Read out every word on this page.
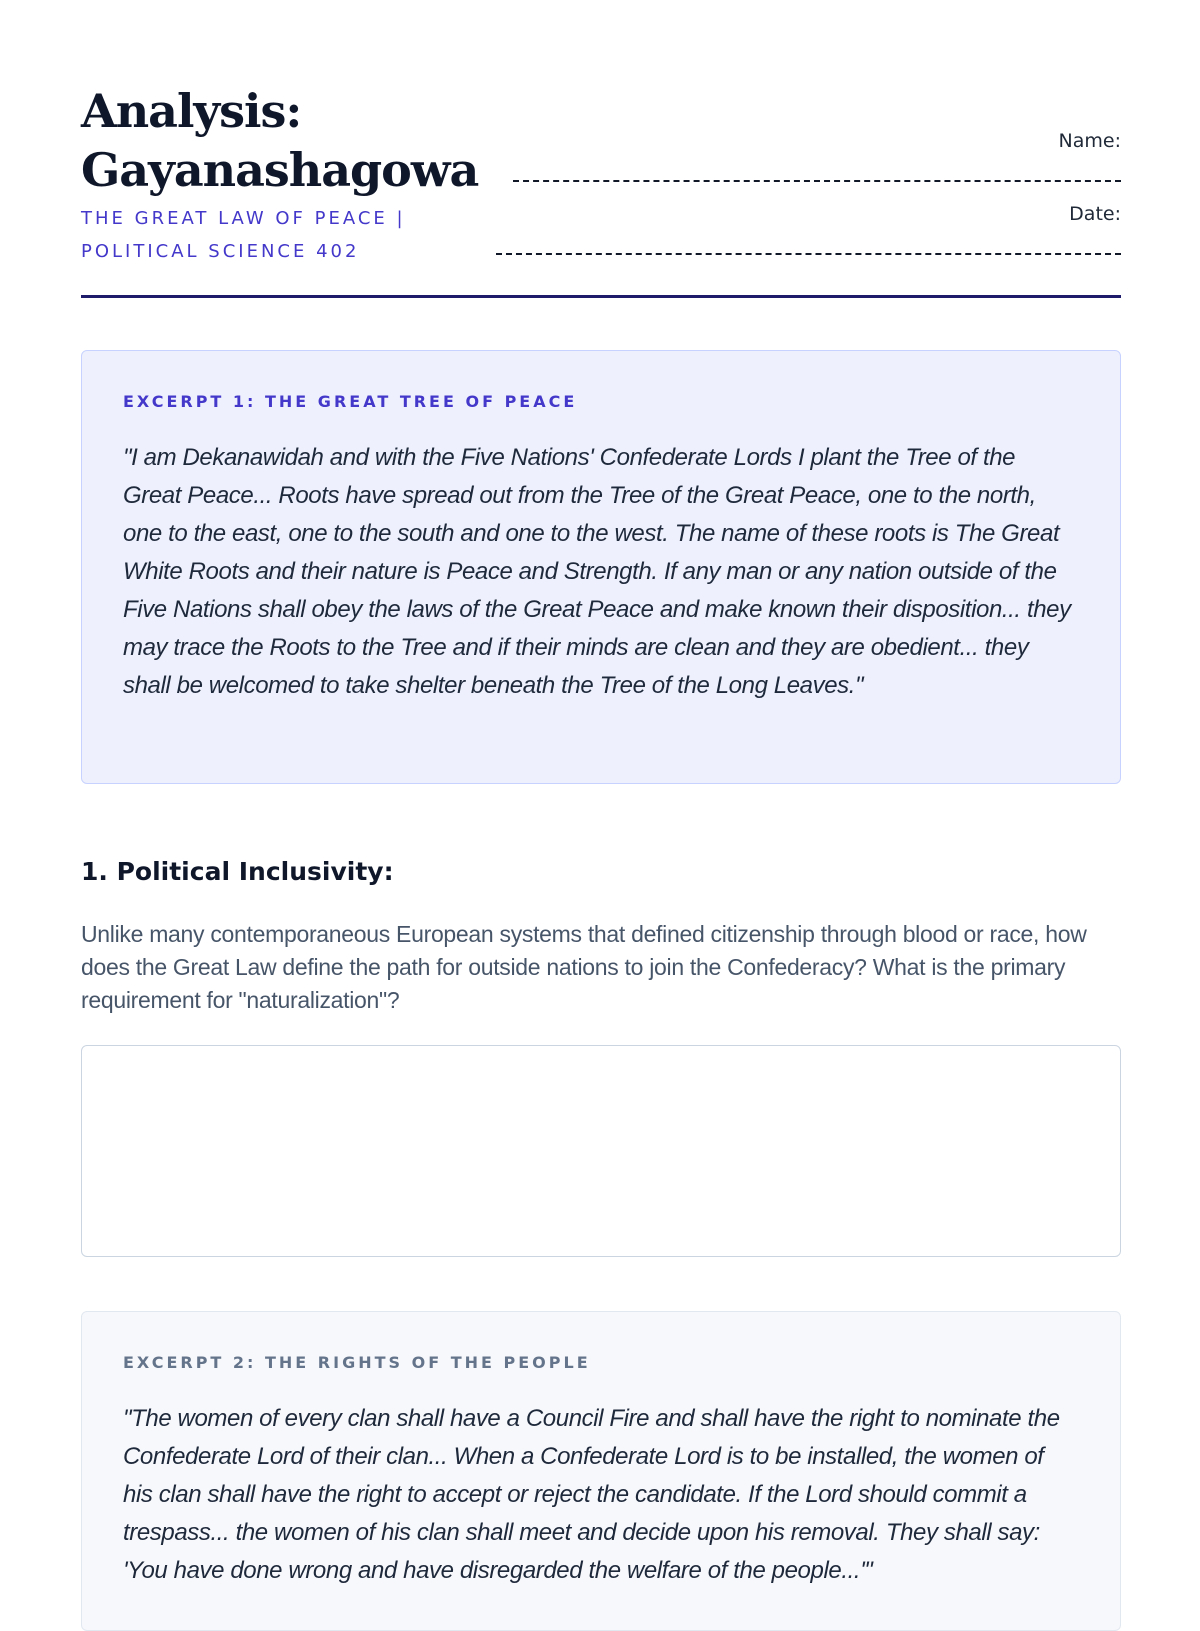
Analysis:
Gayanashagowa
THE GREAT LAW OF PEACE | POLITICAL SCIENCE 402
Name:
Date:
EXCERPT 1: THE GREAT TREE OF PEACE

"I am Dekanawidah and with the Five Nations' Confederate Lords I plant the Tree of the Great Peace... Roots have spread out from the Tree of the Great Peace, one to the north, one to the east, one to the south and one to the west. The name of these roots is The Great White Roots and their nature is Peace and Strength. If any man or any nation outside of the Five Nations shall obey the laws of the Great Peace and make known their disposition... they may trace the Roots to the Tree and if their minds are clean and they are obedient... they shall be welcomed to take shelter beneath the Tree of the Long Leaves."

1. Political Inclusivity:

Unlike many contemporaneous European systems that defined citizenship through blood or race, how does the Great Law define the path for outside nations to join the Confederacy? What is the primary requirement for "naturalization"?

EXCERPT 2: THE RIGHTS OF THE PEOPLE

"The women of every clan shall have a Council Fire and shall have the right to nominate the Confederate Lord of their clan... When a Confederate Lord is to be installed, the women of his clan shall have the right to accept or reject the candidate. If the Lord should commit a trespass... the women of his clan shall meet and decide upon his removal. They shall say: 'You have done wrong and have disregarded the welfare of the people...'"
